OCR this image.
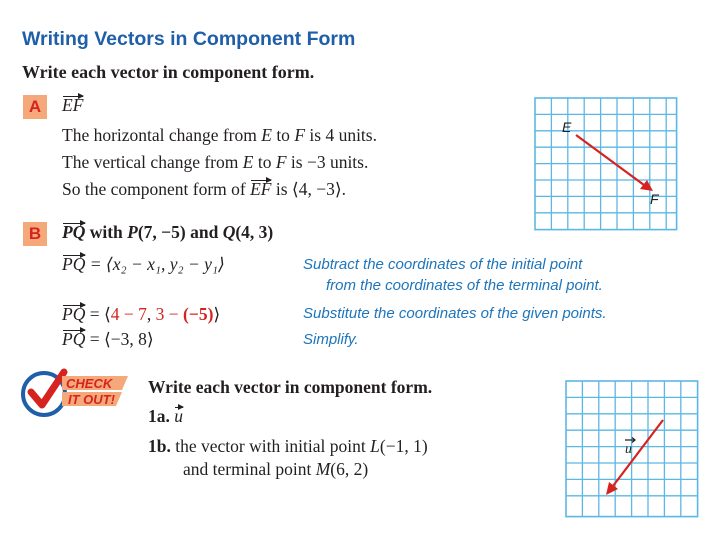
Writing Vectors in Component Form
Write each vector in component form.
A	EF
The horizontal change from E to F is 4 units.
The vertical change from E to F is −3 units.
So the component form of EF is ⟨4, −3⟩.
E
F
B	PQ with P(7, −5) and Q(4, 3)
PQ = ⟨x₂ − x₁, y₂ − y₁⟩	Subtract the coordinates of the initial point
from the coordinates of the terminal point.
PQ = ⟨4 − 7, 3 − (−5)⟩	Substitute the coordinates of the given points.
PQ = ⟨−3, 8⟩	Simplify.
CHECK
IT OUT!
Write each vector in component form.
1a. u
1b. the vector with initial point L(−1, 1)
and terminal point M(6, 2)
u
